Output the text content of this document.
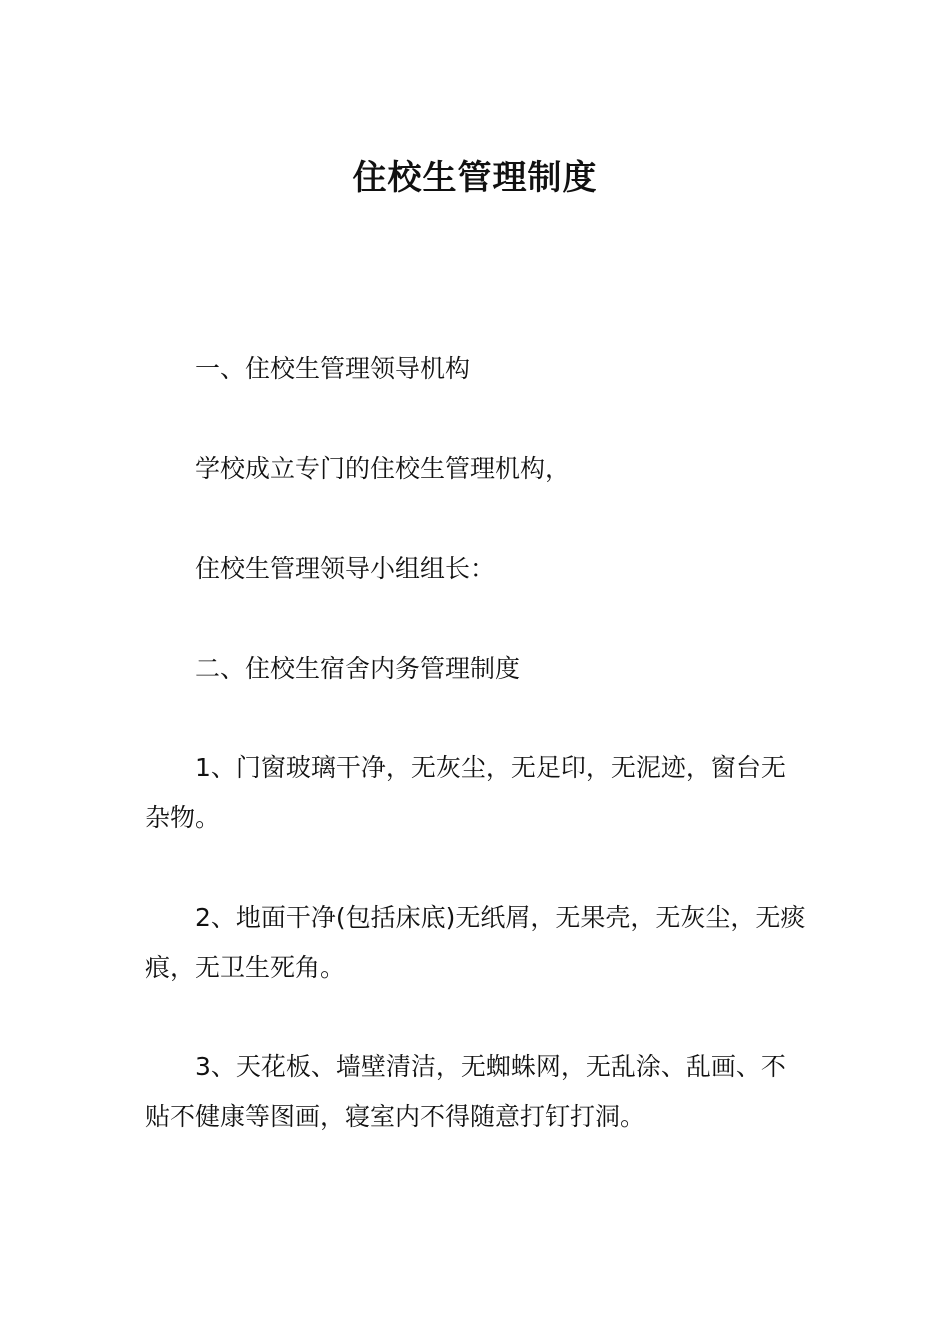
住校生管理制度

一、住校生管理领导机构

学校成立专门的住校生管理机构，

住校生管理领导小组组长：

二、住校生宿舍内务管理制度

1、门窗玻璃干净，无灰尘，无足印，无泥迹，窗台无杂物。

2、地面干净(包括床底)无纸屑，无果壳，无灰尘，无痰痕，无卫生死角。

3、天花板、墙壁清洁，无蜘蛛网，无乱涂、乱画、不贴不健康等图画，寝室内不得随意打钉打洞。
